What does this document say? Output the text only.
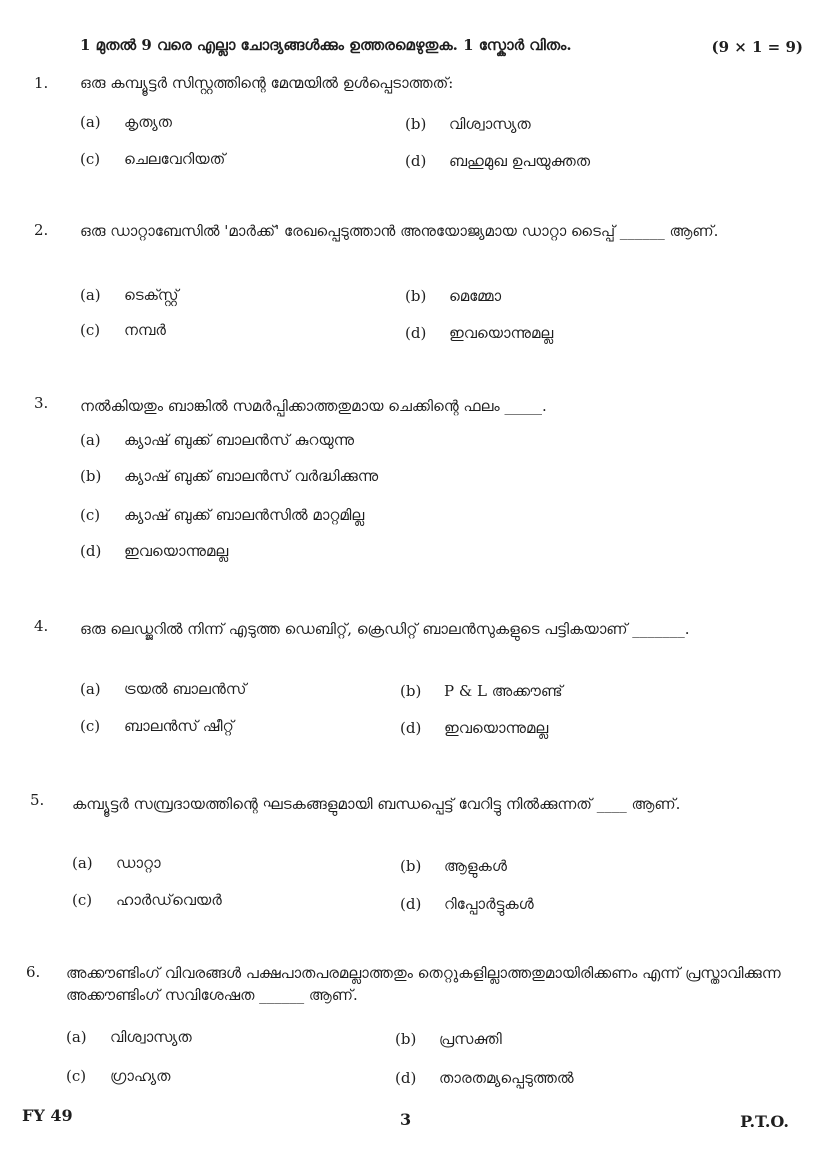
1 മുതൽ 9 വരെ എല്ലാ ചോദ്യങ്ങൾക്കും ഉത്തരമെഴുതുക. 1 സ്കോർ വിതം.	(9 × 1 = 9)
1.	ഒരു കമ്പ്യൂട്ടർ സിസ്റ്റത്തിന്റെ മേന്മയിൽ ഉൾപ്പെടാത്തത്:
(a) കൃത്യത	(b) വിശ്വാസ്യത
(c) ചെലവേറിയത്	(d) ബഹുമുഖ ഉപയുക്തത
2.	ഒരു ഡാറ്റാബേസിൽ 'മാർക്ക്' രേഖപ്പെടുത്താൻ അനുയോജ്യമായ ഡാറ്റാ ടൈപ്പ് ______ ആണ്.
(a) ടെക്സ്റ്റ്	(b) മെമ്മോ
(c) നമ്പർ	(d) ഇവയൊന്നുമല്ല
3.	നൽകിയതും ബാങ്കിൽ സമർപ്പിക്കാത്തതുമായ ചെക്കിന്റെ ഫലം _____.
(a) ക്യാഷ് ബുക്ക് ബാലൻസ് കുറയുന്നു
(b) ക്യാഷ് ബുക്ക് ബാലൻസ് വർദ്ധിക്കുന്നു
(c) ക്യാഷ് ബുക്ക് ബാലൻസിൽ മാറ്റമില്ല
(d) ഇവയൊന്നുമല്ല
4.	ഒരു ലെഡ്ജറിൽ നിന്ന് എടുത്ത ഡെബിറ്റ്, ക്രെഡിറ്റ് ബാലൻസുകളുടെ പട്ടികയാണ് _______.
(a) ട്രയൽ ബാലൻസ്	(b) P & L അക്കൗണ്ട്
(c) ബാലൻസ് ഷീറ്റ്	(d) ഇവയൊന്നുമല്ല
5.	കമ്പ്യൂട്ടർ സമ്പ്രദായത്തിന്റെ ഘടകങ്ങളുമായി ബന്ധപ്പെട്ട് വേറിട്ടു നിൽക്കുന്നത് ____ ആണ്.
(a) ഡാറ്റാ	(b) ആളുകൾ
(c) ഹാർഡ്‌വെയർ	(d) റിപ്പോർട്ടുകൾ
6.	അക്കൗണ്ടിംഗ് വിവരങ്ങൾ പക്ഷപാതപരമല്ലാത്തതും തെറ്റുകളില്ലാത്തതുമായിരിക്കണം എന്ന് പ്രസ്താവിക്കുന്ന അക്കൗണ്ടിംഗ് സവിശേഷത ______ ആണ്.
(a) വിശ്വാസ്യത	(b) പ്രസക്തി
(c) ഗ്രാഹ്യത	(d) താരതമ്യപ്പെടുത്തൽ
FY 49	3	P.T.O.
